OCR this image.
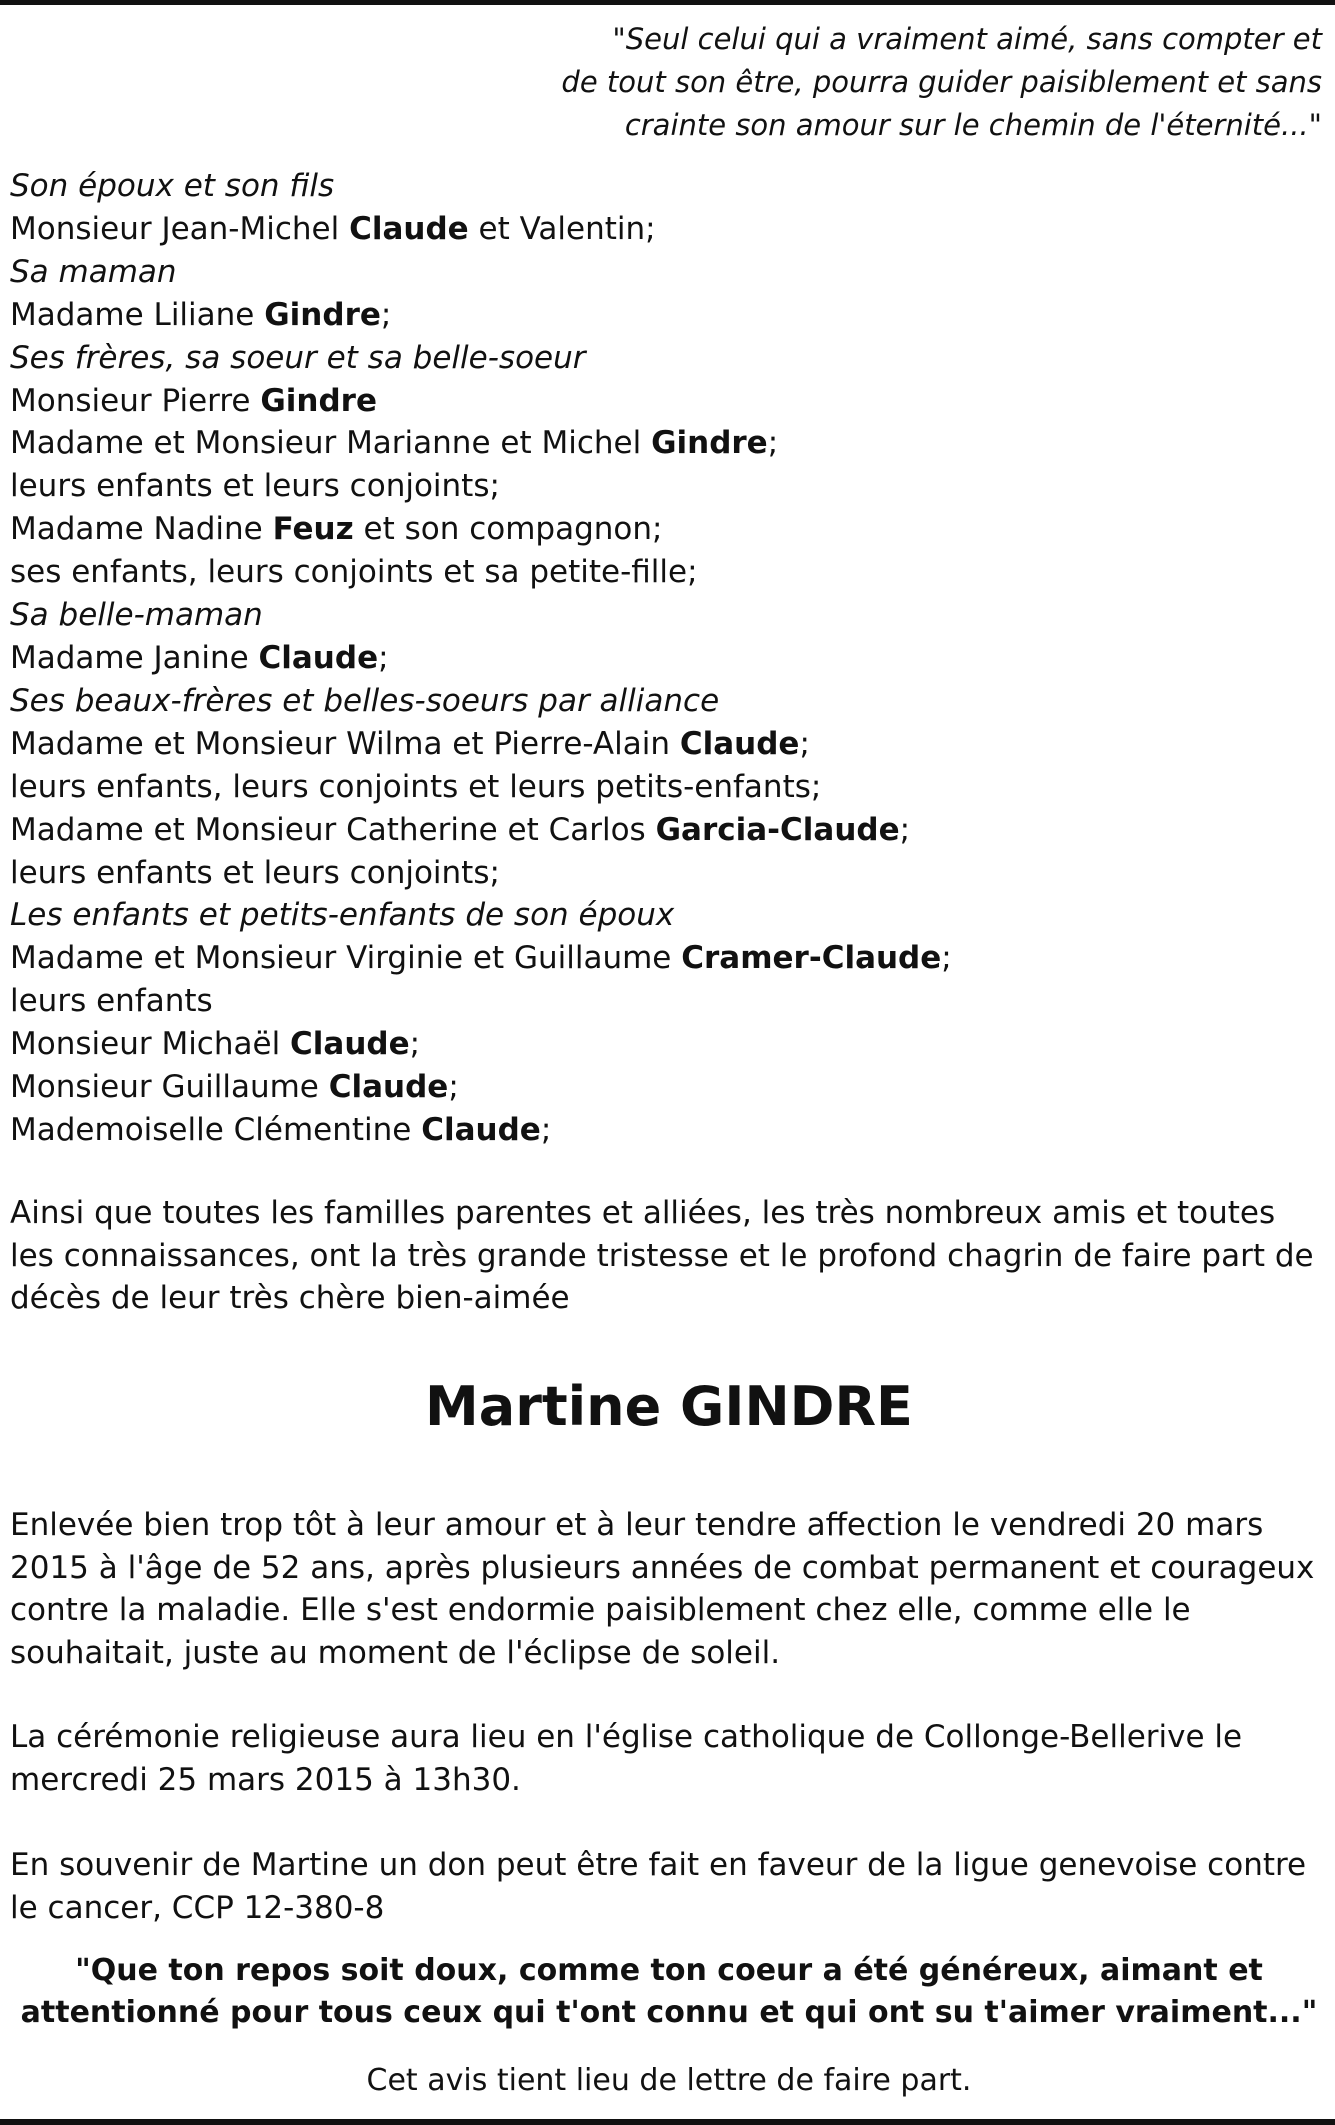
"Seul celui qui a vraiment aimé, sans compter et
de tout son être, pourra guider paisiblement et sans
crainte son amour sur le chemin de l'éternité..."
Son époux et son fils
Monsieur Jean-Michel Claude et Valentin;
Sa maman
Madame Liliane Gindre;
Ses frères, sa soeur et sa belle-soeur
Monsieur Pierre Gindre
Madame et Monsieur Marianne et Michel Gindre;
leurs enfants et leurs conjoints;
Madame Nadine Feuz et son compagnon;
ses enfants, leurs conjoints et sa petite-fille;
Sa belle-maman
Madame Janine Claude;
Ses beaux-frères et belles-soeurs par alliance
Madame et Monsieur Wilma et Pierre-Alain Claude;
leurs enfants, leurs conjoints et leurs petits-enfants;
Madame et Monsieur Catherine et Carlos Garcia-Claude;
leurs enfants et leurs conjoints;
Les enfants et petits-enfants de son époux
Madame et Monsieur Virginie et Guillaume Cramer-Claude;
leurs enfants
Monsieur Michaël Claude;
Monsieur Guillaume Claude;
Mademoiselle Clémentine Claude;
Ainsi que toutes les familles parentes et alliées, les très nombreux amis et toutes les connaissances, ont la très grande tristesse et le profond chagrin de faire part de décès de leur très chère bien-aimée
Martine GINDRE
Enlevée bien trop tôt à leur amour et à leur tendre affection le vendredi 20 mars 2015 à l'âge de 52 ans, après plusieurs années de combat permanent et courageux contre la maladie. Elle s'est endormie paisiblement chez elle, comme elle le souhaitait, juste au moment de l'éclipse de soleil.
La cérémonie religieuse aura lieu en l'église catholique de Collonge-Bellerive le mercredi 25 mars 2015 à 13h30.
En souvenir de Martine un don peut être fait en faveur de la ligue genevoise contre le cancer, CCP 12-380-8
"Que ton repos soit doux, comme ton coeur a été généreux, aimant et
attentionné pour tous ceux qui t'ont connu et qui ont su t'aimer vraiment..."
Cet avis tient lieu de lettre de faire part.
